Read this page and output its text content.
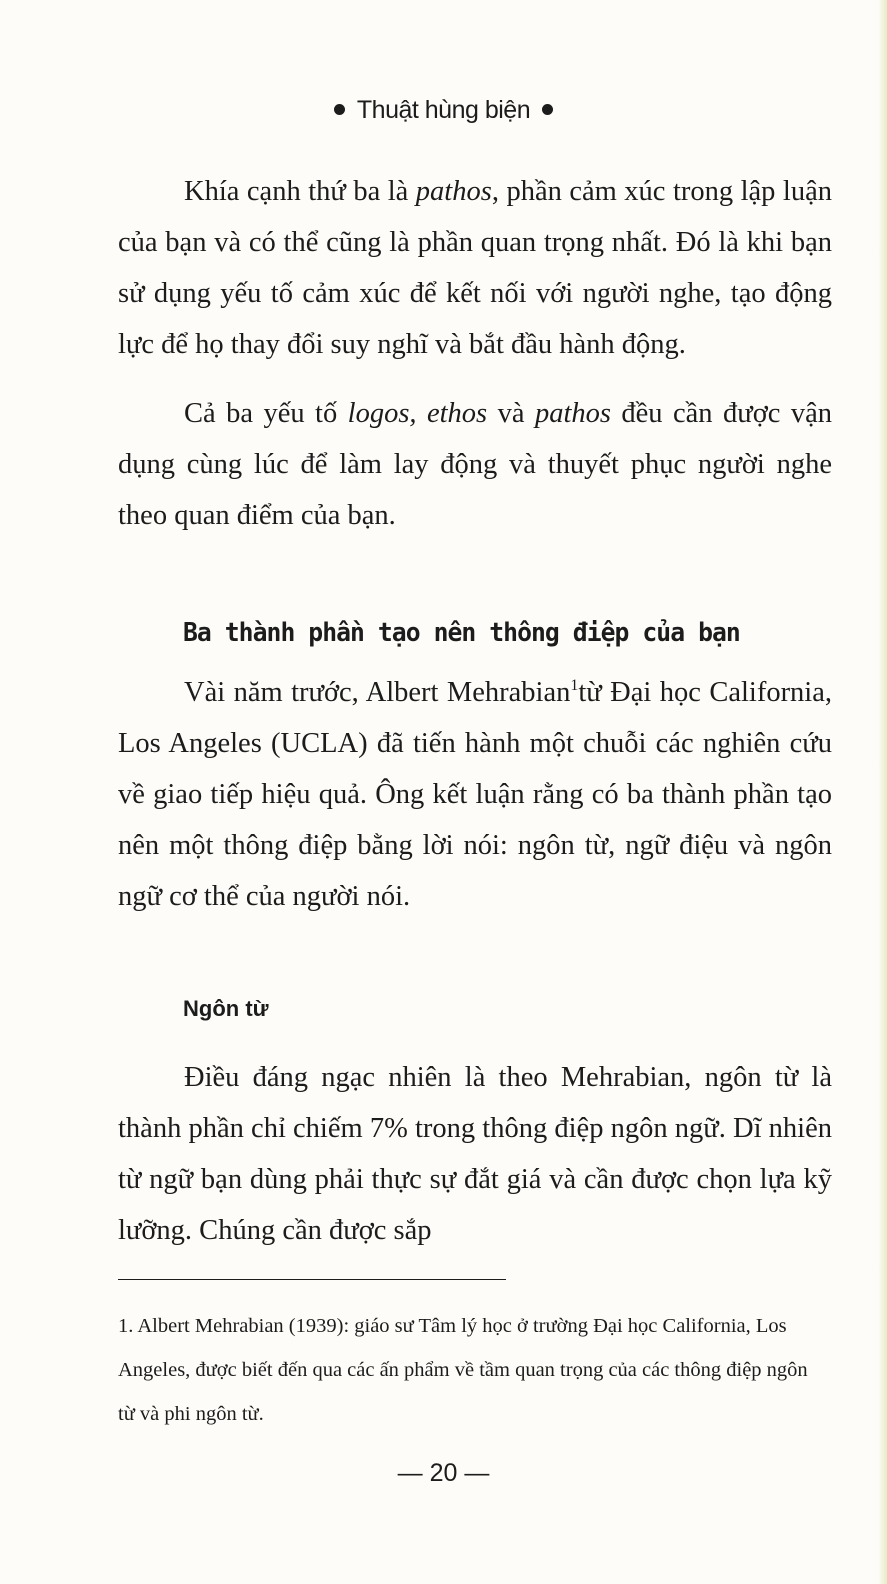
Thuật hùng biện

Khía cạnh thứ ba là pathos, phần cảm xúc trong lập luận của bạn và có thể cũng là phần quan trọng nhất. Đó là khi bạn sử dụng yếu tố cảm xúc để kết nối với người nghe, tạo động lực để họ thay đổi suy nghĩ và bắt đầu hành động.

Cả ba yếu tố logos, ethos và pathos đều cần được vận dụng cùng lúc để làm lay động và thuyết phục người nghe theo quan điểm của bạn.

Ba thành phần tạo nên thông điệp của bạn

Vài năm trước, Albert Mehrabian$^1$từ Đại học California, Los Angeles (UCLA) đã tiến hành một chuỗi các nghiên cứu về giao tiếp hiệu quả. Ông kết luận rằng có ba thành phần tạo nên một thông điệp bằng lời nói: ngôn từ, ngữ điệu và ngôn ngữ cơ thể của người nói.

Ngôn từ

Điều đáng ngạc nhiên là theo Mehrabian, ngôn từ là thành phần chỉ chiếm 7% trong thông điệp ngôn ngữ. Dĩ nhiên từ ngữ bạn dùng phải thực sự đắt giá và cần được chọn lựa kỹ lưỡng. Chúng cần được sắp

1. Albert Mehrabian (1939): giáo sư Tâm lý học ở trường Đại học California, Los Angeles, được biết đến qua các ấn phẩm về tầm quan trọng của các thông điệp ngôn từ và phi ngôn từ.

— 20 —
